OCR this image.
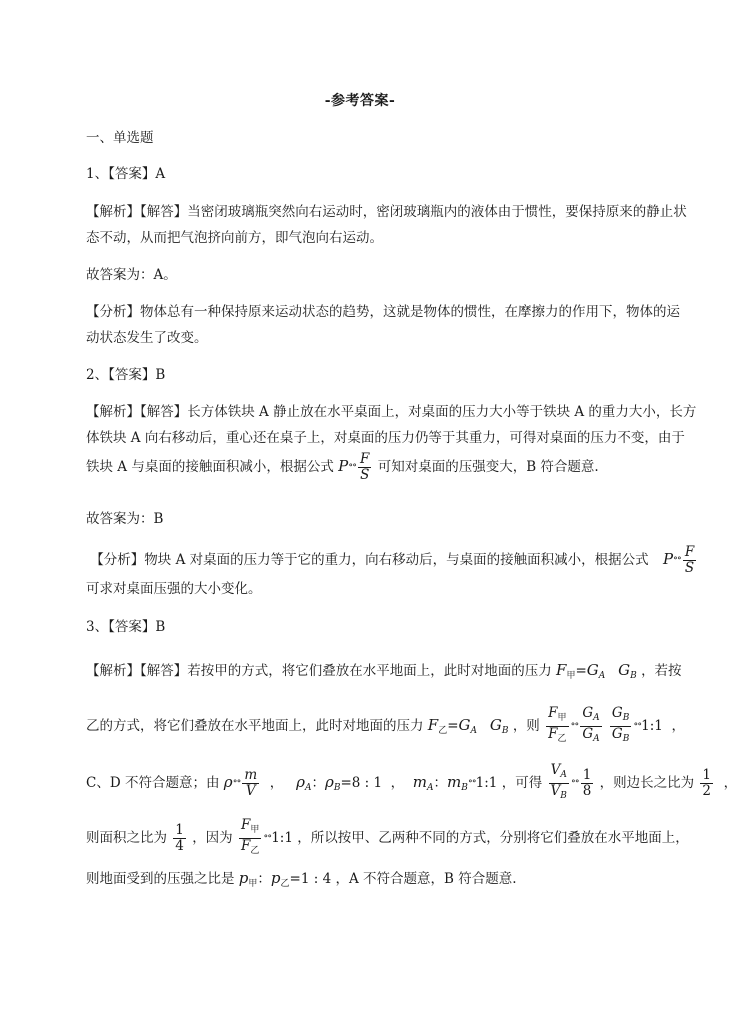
-参考答案-
一、单选题
1、【答案】A
【解析】【解答】当密闭玻璃瓶突然向右运动时，密闭玻璃瓶内的液体由于惯性，要保持原来的静止状
态不动，从而把气泡挤向前方，即气泡向右运动。
故答案为：A。
【分析】物体总有一种保持原来运动状态的趋势，这就是物体的惯性，在摩擦力的作用下，物体的运
动状态发生了改变。
2、【答案】B
【解析】【解答】长方体铁块 A 静止放在水平桌面上，对桌面的压力大小等于铁块 A 的重力大小，长方
体铁块 A 向右移动后，重心还在桌子上，对桌面的压力仍等于其重力，可得对桌面的压力不变，由于
铁块 A 与桌面的接触面积减小，根据公式 $P^{\circ\circ} \frac{F}{S}$ 可知对桌面的压强变大，B 符合题意.
故答案为：B
【分析】物块 A 对桌面的压力等于它的重力，向右移动后，与桌面的接触面积减小，根据公式 $P^{\circ\circ} \frac{F}{S}$
可求对桌面压强的大小变化。
3、【答案】B
【解析】【解答】若按甲的方式，将它们叠放在水平地面上，此时对地面的压力 $F_甲=G_A$ $G_B$ ，若按
乙的方式，将它们叠放在水平地面上，此时对地面的压力 $F_乙=G_A$ $G_B$ ，则 $\frac{F_甲}{F_乙} ^{\circ\circ} \frac{G_A}{G_A}$
$\frac{G_B}{G_B}$ ∘∘1:1 ，
C、D 不符合题意；由 $\rho^{\circ\circ} \frac{m}{V}$ ， $\rho_A$：$\rho_B=8$ : 1 ， $m_A$：$m_B^{\circ\circ}1:1$ ，可得 $\frac{V_A}{V_B} ^{\circ\circ} \frac{1}{8}$ ，则边长之比为 $\frac{1}{2}$ ，
则面积之比为 $\frac{1}{4}$ ，因为 $\frac{F_甲}{F_乙}$ ∘∘1:1 ，所以按甲、乙两种不同的方式，分别将它们叠放在水平地面上，
则地面受到的压强之比是 $p_甲$：$p_乙=1$ : 4 ，A 不符合题意，B 符合题意.
